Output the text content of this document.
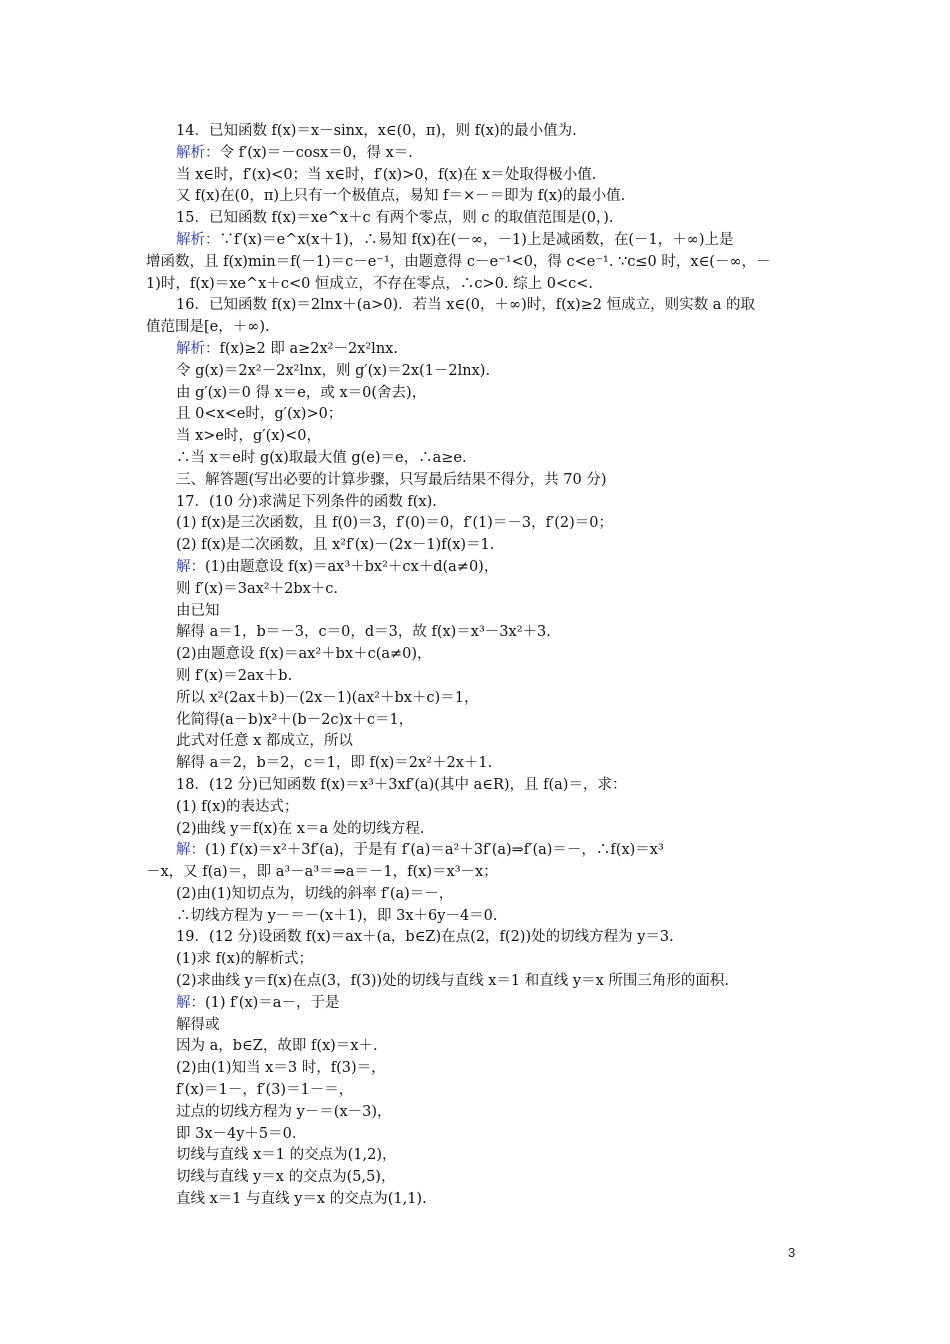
14．已知函数 f(x)＝x－sinx，x∈(0，π)，则 f(x)的最小值为.
解析：令 f′(x)＝－cosx＝0，得 x＝.
当 x∈时，f′(x)<0；当 x∈时，f′(x)>0，f(x)在 x＝处取得极小值.
又 f(x)在(0，π)上只有一个极值点，易知 f＝×－＝即为 f(x)的最小值.
15．已知函数 f(x)＝xe^x＋c 有两个零点，则 c 的取值范围是(0，).
解析：∵f′(x)＝e^x(x＋1)，∴易知 f(x)在(－∞，－1)上是减函数，在(－1，＋∞)上是
增函数，且 f(x)min＝f(－1)＝c－e⁻¹，由题意得 c－e⁻¹<0，得 c<e⁻¹. ∵c≤0 时，x∈(－∞，－
1)时，f(x)＝xe^x＋c<0 恒成立，不存在零点，∴c>0. 综上 0<c<.
16．已知函数 f(x)＝2lnx＋(a>0)．若当 x∈(0，＋∞)时，f(x)≥2 恒成立，则实数 a 的取
值范围是[e，＋∞).
解析：f(x)≥2 即 a≥2x²－2x²lnx.
令 g(x)＝2x²－2x²lnx，则 g′(x)＝2x(1－2lnx).
由 g′(x)＝0 得 x＝e，或 x＝0(舍去)，
且 0<x<e时，g′(x)>0；
当 x>e时，g′(x)<0，
∴当 x＝e时 g(x)取最大值 g(e)＝e，∴a≥e.
三、解答题(写出必要的计算步骤，只写最后结果不得分，共 70 分)
17．(10 分)求满足下列条件的函数 f(x).
(1) f(x)是三次函数，且 f(0)＝3，f′(0)＝0，f′(1)＝－3，f′(2)＝0；
(2) f(x)是二次函数，且 x²f′(x)－(2x－1)f(x)＝1.
解：(1)由题意设 f(x)＝ax³＋bx²＋cx＋d(a≠0)，
则 f′(x)＝3ax²＋2bx＋c.
由已知
解得 a＝1，b＝－3，c＝0，d＝3，故 f(x)＝x³－3x²＋3.
(2)由题意设 f(x)＝ax²＋bx＋c(a≠0)，
则 f′(x)＝2ax＋b.
所以 x²(2ax＋b)－(2x－1)(ax²＋bx＋c)＝1，
化简得(a－b)x²＋(b－2c)x＋c＝1，
此式对任意 x 都成立，所以
解得 a＝2，b＝2，c＝1，即 f(x)＝2x²＋2x＋1.
18．(12 分)已知函数 f(x)＝x³＋3xf′(a)(其中 a∈R)，且 f(a)＝，求：
(1) f(x)的表达式；
(2)曲线 y＝f(x)在 x＝a 处的切线方程.
解：(1) f′(x)＝x²＋3f′(a)，于是有 f′(a)＝a²＋3f′(a)⇒f′(a)＝－，∴f(x)＝x³
－x，又 f(a)＝，即 a³－a³＝⇒a＝－1，f(x)＝x³－x；
(2)由(1)知切点为，切线的斜率 f′(a)＝－，
∴切线方程为 y－＝－(x＋1)，即 3x＋6y－4＝0.
19．(12 分)设函数 f(x)＝ax＋(a，b∈Z)在点(2，f(2))处的切线方程为 y＝3.
(1)求 f(x)的解析式；
(2)求曲线 y＝f(x)在点(3，f(3))处的切线与直线 x＝1 和直线 y＝x 所围三角形的面积.
解：(1) f′(x)＝a－，于是
解得或
因为 a，b∈Z，故即 f(x)＝x＋.
(2)由(1)知当 x＝3 时，f(3)＝，
f′(x)＝1－，f′(3)＝1－＝，
过点的切线方程为 y－＝(x－3)，
即 3x－4y＋5＝0.
切线与直线 x＝1 的交点为(1,2)，
切线与直线 y＝x 的交点为(5,5)，
直线 x＝1 与直线 y＝x 的交点为(1,1).
3
